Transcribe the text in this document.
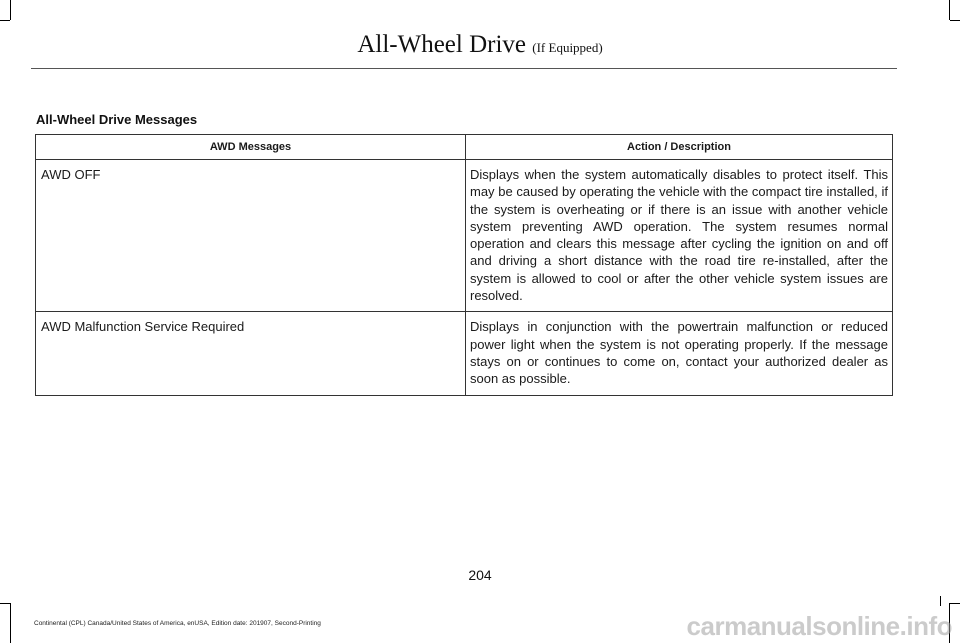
All-Wheel Drive (If Equipped)
All-Wheel Drive Messages
AWD Messages	Action / Description
AWD OFF	Displays when the system automatically disables to protect itself. This may be caused by operating the vehicle with the compact tire installed, if the system is overheating or if there is an issue with another vehicle system preventing AWD operation. The system resumes normal operation and clears this message after cycling the ignition on and off and driving a short distance with the road tire re-installed, after the system is allowed to cool or after the other vehicle system issues are resolved.
AWD Malfunction Service Required	Displays in conjunction with the powertrain malfunction or reduced power light when the system is not operating properly. If the message stays on or continues to come on, contact your authorized dealer as soon as possible.
204
Continental (CPL) Canada/United States of America, enUSA, Edition date: 201907, Second-Printing	carmanualsonline.info
